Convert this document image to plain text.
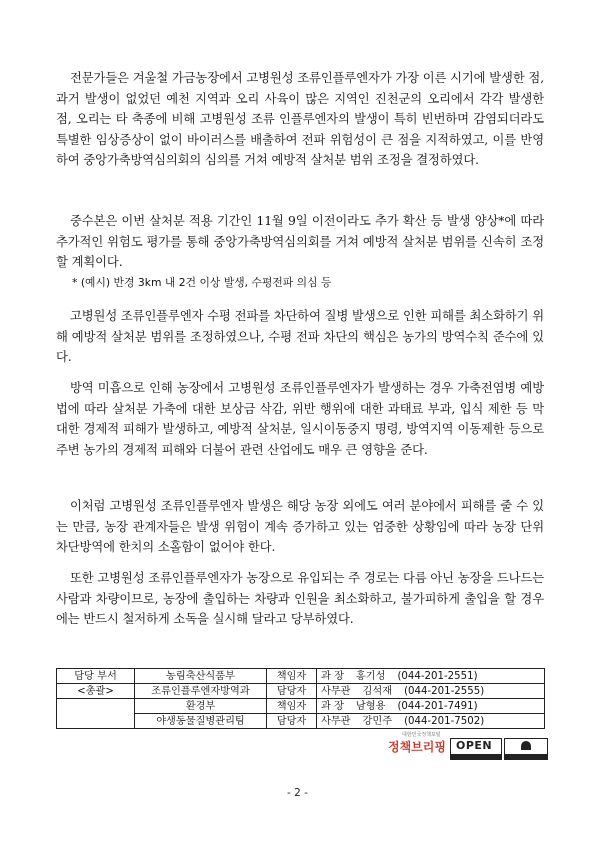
전문가들은 겨울철 가금농장에서 고병원성 조류인플루엔자가 가장 이른 시기에 발생한 점, 과거 발생이 없었던 예천 지역과 오리 사육이 많은 지역인 진천군의 오리에서 각각 발생한 점, 오리는 타 축종에 비해 고병원성 조류 인플루엔자의 발생이 특히 빈번하며 감염되더라도 특별한 임상증상이 없이 바이러스를 배출하여 전파 위험성이 큰 점을 지적하였고, 이를 반영하여 중앙가축방역심의회의 심의를 거쳐 예방적 살처분 범위 조정을 결정하였다.

중수본은 이번 살처분 적용 기간인 11월 9일 이전이라도 추가 확산 등 발생 양상*에 따라 추가적인 위험도 평가를 통해 중앙가축방역심의회를 거쳐 예방적 살처분 범위를 신속히 조정할 계획이다.

* (예시) 반경 3km 내 2건 이상 발생, 수평전파 의심 등

고병원성 조류인플루엔자 수평 전파를 차단하여 질병 발생으로 인한 피해를 최소화하기 위해 예방적 살처분 범위를 조정하였으나, 수평 전파 차단의 핵심은 농가의 방역수칙 준수에 있다.

방역 미흡으로 인해 농장에서 고병원성 조류인플루엔자가 발생하는 경우 가축전염병 예방법에 따라 살처분 가축에 대한 보상금 삭감, 위반 행위에 대한 과태료 부과, 입식 제한 등 막대한 경제적 피해가 발생하고, 예방적 살처분, 일시이동중지 명령, 방역지역 이동제한 등으로 주변 농가의 경제적 피해와 더불어 관련 산업에도 매우 큰 영향을 준다.

이처럼 고병원성 조류인플루엔자 발생은 해당 농장 외에도 여러 분야에서 피해를 줄 수 있는 만큼, 농장 관계자들은 발생 위험이 계속 증가하고 있는 엄중한 상황임에 따라 농장 단위 차단방역에 한치의 소홀함이 없어야 한다.

또한 고병원성 조류인플루엔자가 농장으로 유입되는 주 경로는 다름 아닌 농장을 드나드는 사람과 차량이므로, 농장에 출입하는 차량과 인원을 최소화하고, 불가피하게 출입을 할 경우에는 반드시 철저하게 소독을 실시해 달라고 당부하였다.

담당 부서	농림축산식품부	책임자	과 장 홍기성 (044-201-2551)
<총괄>	조류인플루엔자방역과	담당자	사무관 김석재 (044-201-2555)
	환경부	책임자	과 장 남형용 (044-201-7491)
	야생동물질병관리팀	담당자	사무관 강민주 (044-201-7502)
대한민국정책포털
정책브리핑 OPEN
- 2 -
